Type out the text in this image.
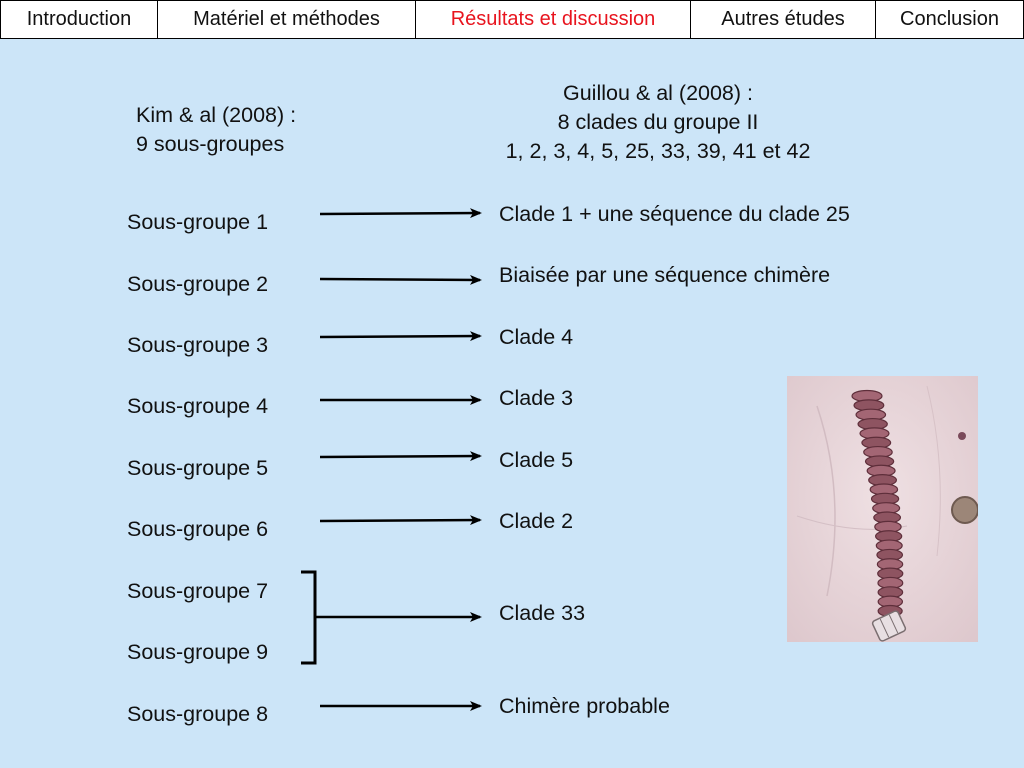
Introduction	Matériel et méthodes	Résultats et discussion	Autres études	Conclusion
Kim & al (2008) :
9 sous-groupes
Guillou & al (2008) :
8 clades du groupe II
1, 2, 3, 4, 5, 25, 33, 39, 41 et 42
Sous-groupe 1
Sous-groupe 2
Sous-groupe 3
Sous-groupe 4
Sous-groupe 5
Sous-groupe 6
Sous-groupe 7
Sous-groupe 9
Sous-groupe 8
Clade 1 + une séquence du clade 25
Biaisée par une séquence chimère
Clade 4
Clade 3
Clade 5
Clade 2
Clade 33
Chimère probable
